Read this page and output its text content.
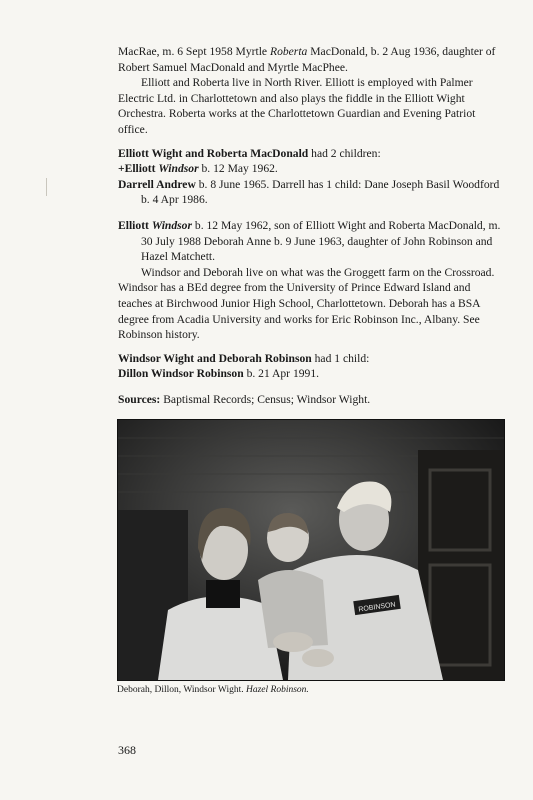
MacRae, m. 6 Sept 1958 Myrtle Roberta MacDonald, b. 2 Aug 1936, daughter of Robert Samuel MacDonald and Myrtle MacPhee.

Elliott and Roberta live in North River. Elliott is employed with Palmer Electric Ltd. in Charlottetown and also plays the fiddle in the Elliott Wight Orchestra. Roberta works at the Charlottetown Guardian and Evening Patriot office.

Elliott Wight and Roberta MacDonald had 2 children:

+Elliott Windsor b. 12 May 1962.

Darrell Andrew b. 8 June 1965. Darrell has 1 child: Dane Joseph Basil Woodford b. 4 Apr 1986.

Elliott Windsor b. 12 May 1962, son of Elliott Wight and Roberta MacDonald, m. 30 July 1988 Deborah Anne b. 9 June 1963, daughter of John Robinson and Hazel Matchett.

Windsor and Deborah live on what was the Groggett farm on the Crossroad. Windsor has a BEd degree from the University of Prince Edward Island and teaches at Birchwood Junior High School, Charlottetown. Deborah has a BSA degree from Acadia University and works for Eric Robinson Inc., Albany. See Robinson history.

Windsor Wight and Deborah Robinson had 1 child:

Dillon Windsor Robinson b. 21 Apr 1991.

Sources: Baptismal Records; Census; Windsor Wight.

ROBINSON
Deborah, Dillon, Windsor Wight. Hazel Robinson.
368
